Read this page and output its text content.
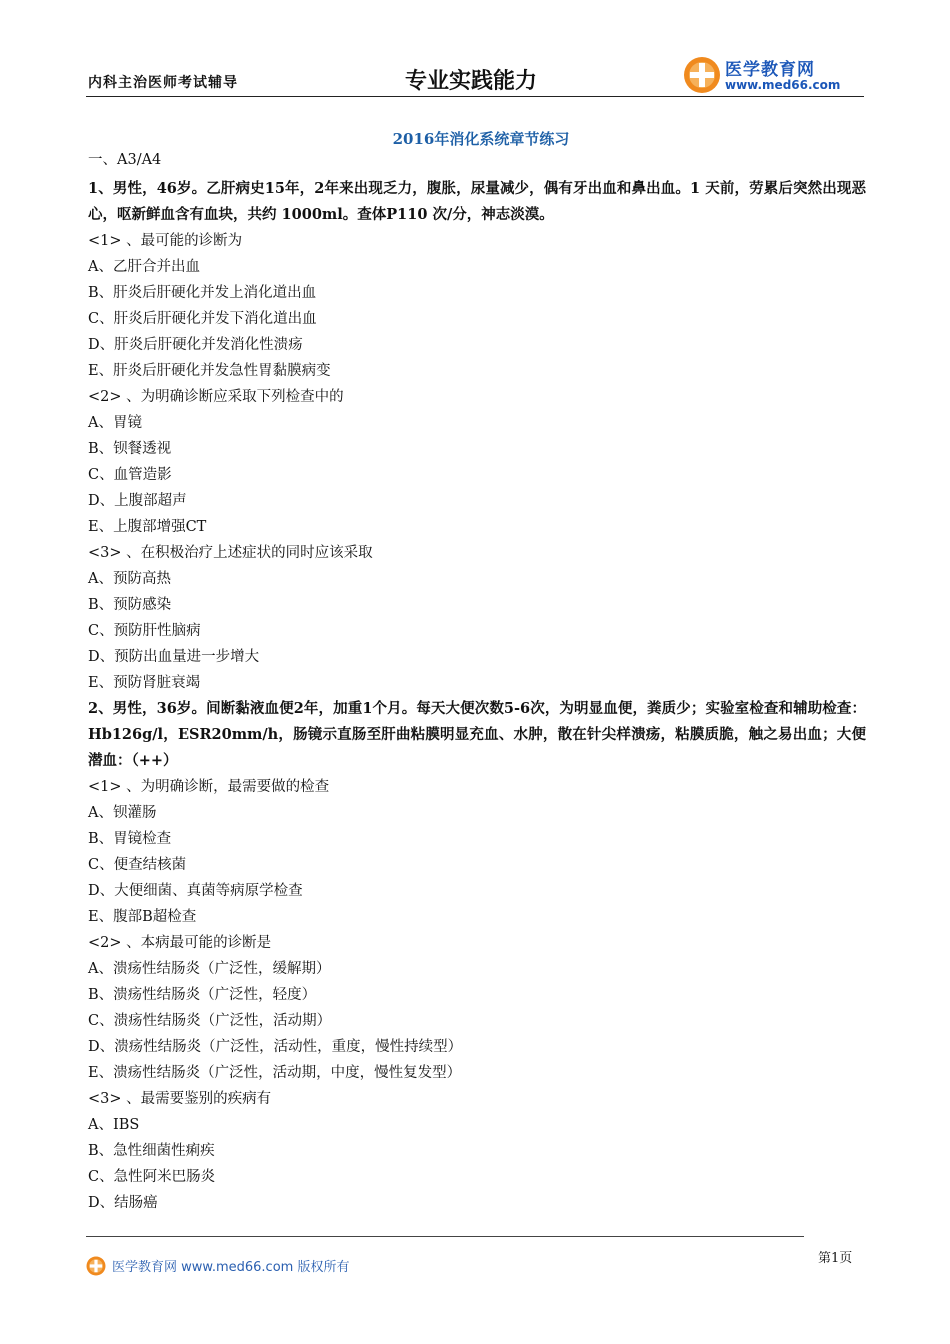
内科主治医师考试辅导	专业实践能力	医学教育网
www.med66.com
2016年消化系统章节练习
一、A3/A4
1、男性，46岁。乙肝病史15年，2年来出现乏力，腹胀，尿量减少，偶有牙出血和鼻出血。1 天前，劳累后突然出现恶心，呕新鲜血含有血块，共约 1000ml。查体P110 次/分，神志淡漠。
<1> 、最可能的诊断为
A、乙肝合并出血
B、肝炎后肝硬化并发上消化道出血
C、肝炎后肝硬化并发下消化道出血
D、肝炎后肝硬化并发消化性溃疡
E、肝炎后肝硬化并发急性胃黏膜病变
<2> 、为明确诊断应采取下列检查中的
A、胃镜
B、钡餐透视
C、血管造影
D、上腹部超声
E、上腹部增强CT
<3> 、在积极治疗上述症状的同时应该采取
A、预防高热
B、预防感染
C、预防肝性脑病
D、预防出血量进一步增大
E、预防肾脏衰竭
2、男性，36岁。间断黏液血便2年，加重1个月。每天大便次数5-6次，为明显血便，粪质少；实验室检查和辅助检查：Hb126g/l，ESR20mm/h，肠镜示直肠至肝曲粘膜明显充血、水肿，散在针尖样溃疡，粘膜质脆，触之易出血；大便潜血：（++）
<1> 、为明确诊断，最需要做的检查
A、钡灌肠
B、胃镜检查
C、便查结核菌
D、大便细菌、真菌等病原学检查
E、腹部B超检查
<2> 、本病最可能的诊断是
A、溃疡性结肠炎（广泛性，缓解期）
B、溃疡性结肠炎（广泛性，轻度）
C、溃疡性结肠炎（广泛性，活动期）
D、溃疡性结肠炎（广泛性，活动性，重度，慢性持续型）
E、溃疡性结肠炎（广泛性，活动期，中度，慢性复发型）
<3> 、最需要鉴别的疾病有
A、IBS
B、急性细菌性痢疾
C、急性阿米巴肠炎
D、结肠癌
医学教育网 www.med66.com 版权所有
第1页
